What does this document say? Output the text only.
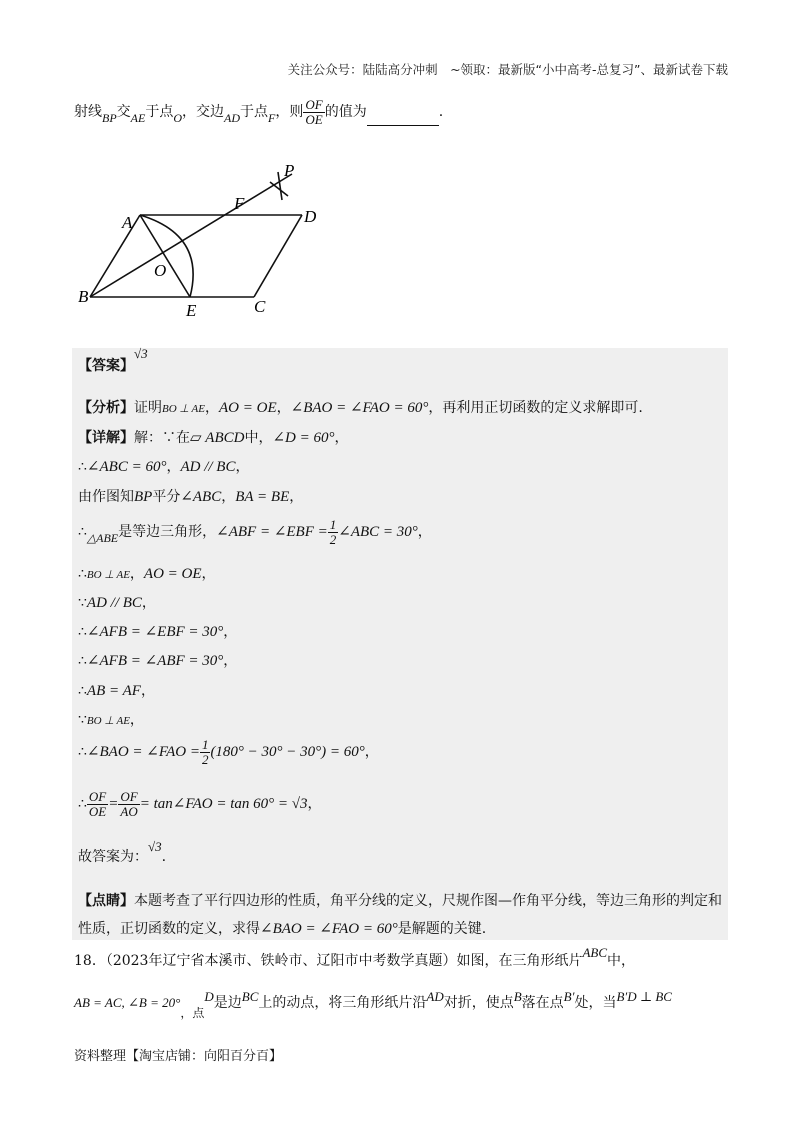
关注公众号：陆陆高分冲刺　~领取：最新版“小中高考-总复习”、最新试卷下载
射线BP交AE于点O，交边AD于点F，则 $\frac{OF}{OE}$ 的值为	.
A
B
C
D
E
F
O
P
【答案】√3
【分析】证明BO ⊥ AE，AO = OE，∠BAO = ∠FAO = 60°，再利用正切函数的定义求解即可.
【详解】解：∵在▱ ABCD中，∠D = 60°，
∴∠ABC = 60°，AD // BC，
由作图知BP平分∠ABC，BA = BE，
∴△ABE是等边三角形，∠ABF = ∠EBF = $\frac{1}{2}$ ∠ABC = 30°，
∴BO ⊥ AE，AO = OE，
∵AD // BC，
∴∠AFB = ∠EBF = 30°，
∴∠AFB = ∠ABF = 30°，
∴AB = AF，
∵BO ⊥ AE，
∴∠BAO = ∠FAO = $\frac{1}{2} (180^\circ - 30^\circ - 30^\circ) = 60^\circ$，
∴ $\frac{OF}{OE} = \frac{OF}{AO}$ = tan∠FAO = tan 60° = √3，
故答案为：√3.
【点睛】本题考查了平行四边形的性质，角平分线的定义，尺规作图—作角平分线，等边三角形的判定和
性质，正切函数的定义，求得∠BAO = ∠FAO = 60°是解题的关键.
18．（2023年辽宁省本溪市、铁岭市、辽阳市中考数学真题）如图，在三角形纸片ABC中，
AB = AC, ∠B = 20°，点D是边BC上的动点，将三角形纸片沿AD对折，使点B落在点B′处，当B′D ⊥ BC
资料整理【淘宝店铺：向阳百分百】
